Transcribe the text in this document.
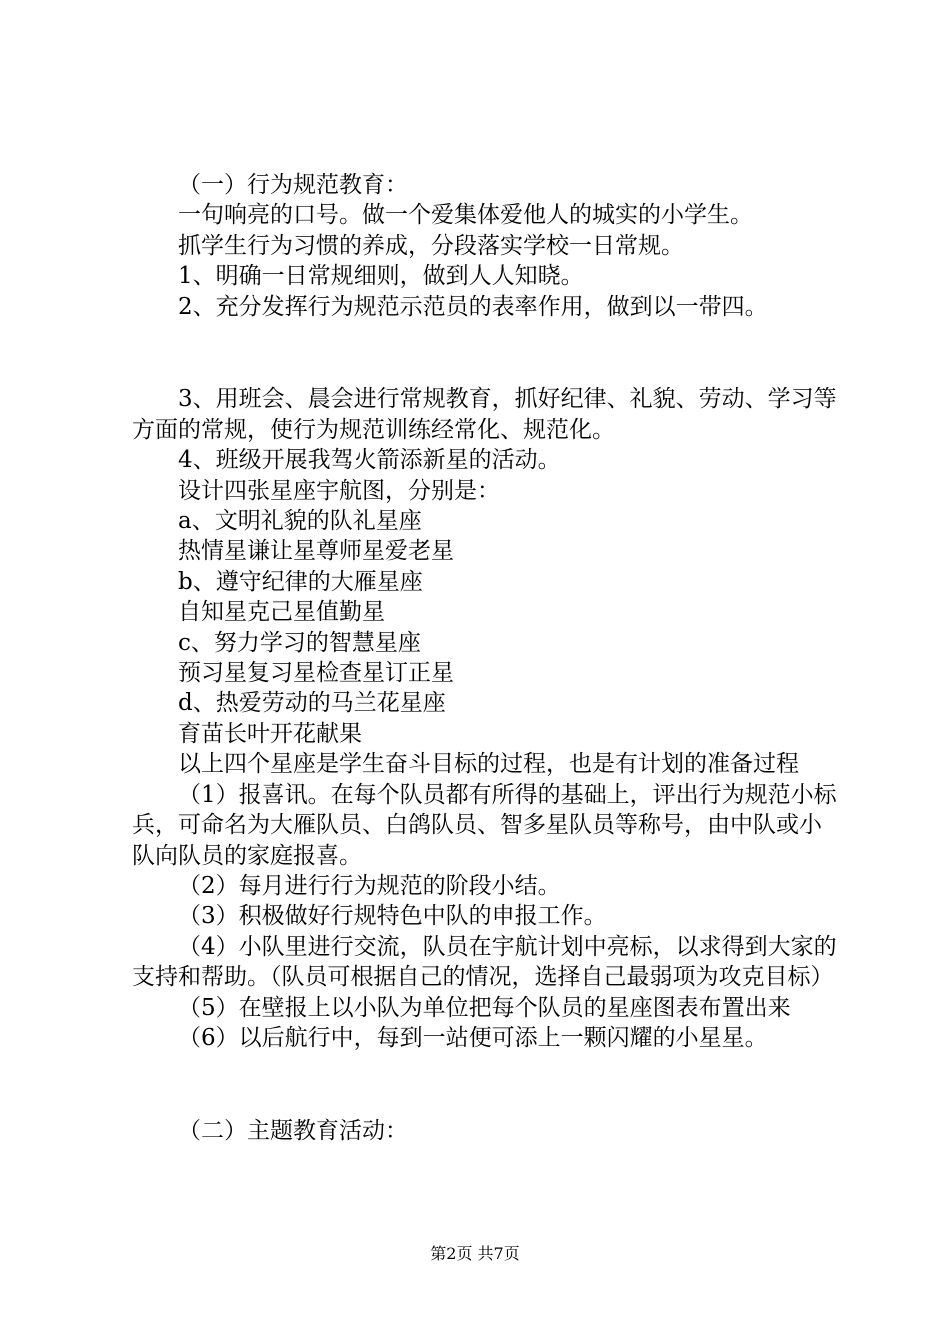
（一）行为规范教育：

一句响亮的口号。做一个爱集体爱他人的城实的小学生。

抓学生行为习惯的养成，分段落实学校一日常规。

1、明确一日常规细则，做到人人知晓。

2、充分发挥行为规范示范员的表率作用，做到以一带四。

3、用班会、晨会进行常规教育，抓好纪律、礼貌、劳动、学习等方面的常规，使行为规范训练经常化、规范化。

4、班级开展我驾火箭添新星的活动。

设计四张星座宇航图，分别是：

a、文明礼貌的队礼星座

热情星谦让星尊师星爱老星

b、遵守纪律的大雁星座

自知星克己星值勤星

c、努力学习的智慧星座

预习星复习星检查星订正星

d、热爱劳动的马兰花星座

育苗长叶开花献果

以上四个星座是学生奋斗目标的过程，也是有计划的准备过程

（1）报喜讯。在每个队员都有所得的基础上，评出行为规范小标兵，可命名为大雁队员、白鸽队员、智多星队员等称号，由中队或小队向队员的家庭报喜。

（2）每月进行行为规范的阶段小结。

（3）积极做好行规特色中队的申报工作。

（4）小队里进行交流，队员在宇航计划中亮标，以求得到大家的支持和帮助。（队员可根据自己的情况，选择自己最弱项为攻克目标）

（5）在壁报上以小队为单位把每个队员的星座图表布置出来

（6）以后航行中，每到一站便可添上一颗闪耀的小星星。

（二）主题教育活动：

第2页 共7页
